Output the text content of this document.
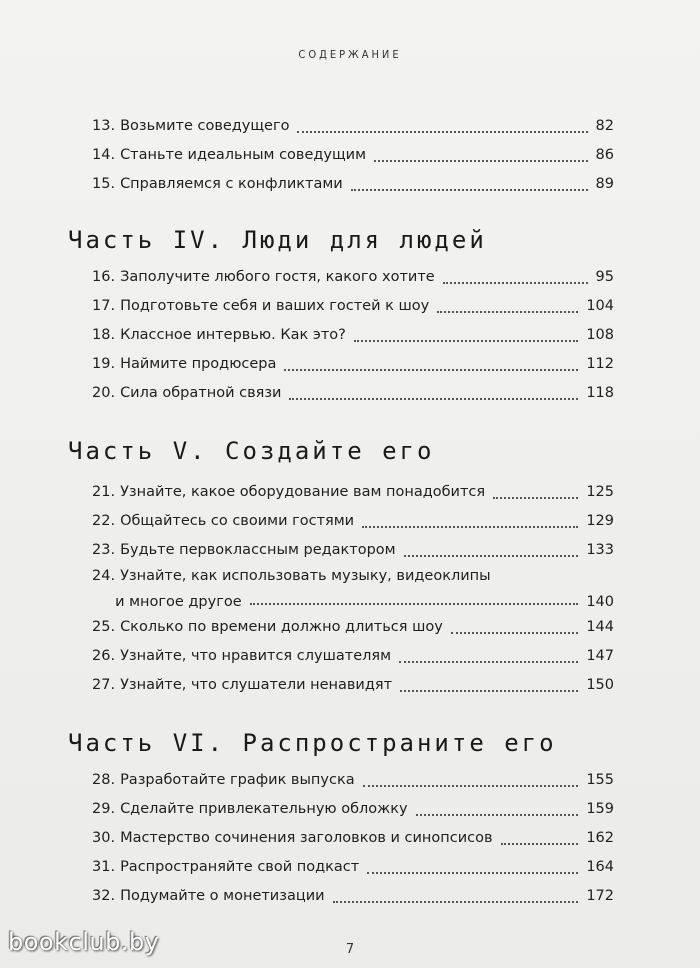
СОДЕРЖАНИЕ
13. Возьмите соведущего	82
14. Станьте идеальным соведущим	86
15. Справляемся с конфликтами	89
Часть IV. Люди для людей
16. Заполучите любого гостя, какого хотите	95
17. Подготовьте себя и ваших гостей к шоу	104
18. Классное интервью. Как это?	108
19. Наймите продюсера	112
20. Сила обратной связи	118
Часть V. Создайте его
21. Узнайте, какое оборудование вам понадобится	125
22. Общайтесь со своими гостями	129
23. Будьте первоклассным редактором	133
24. Узнайте, как использовать музыку, видеоклипы
и многое другое	140
25. Сколько по времени должно длиться шоу	144
26. Узнайте, что нравится слушателям	147
27. Узнайте, что слушатели ненавидят	150
Часть VI. Распространите его
28. Разработайте график выпуска	155
29. Сделайте привлекательную обложку	159
30. Мастерство сочинения заголовков и синопсисов	162
31. Распространяйте свой подкаст	164
32. Подумайте о монетизации	172
7
bookclub.by
